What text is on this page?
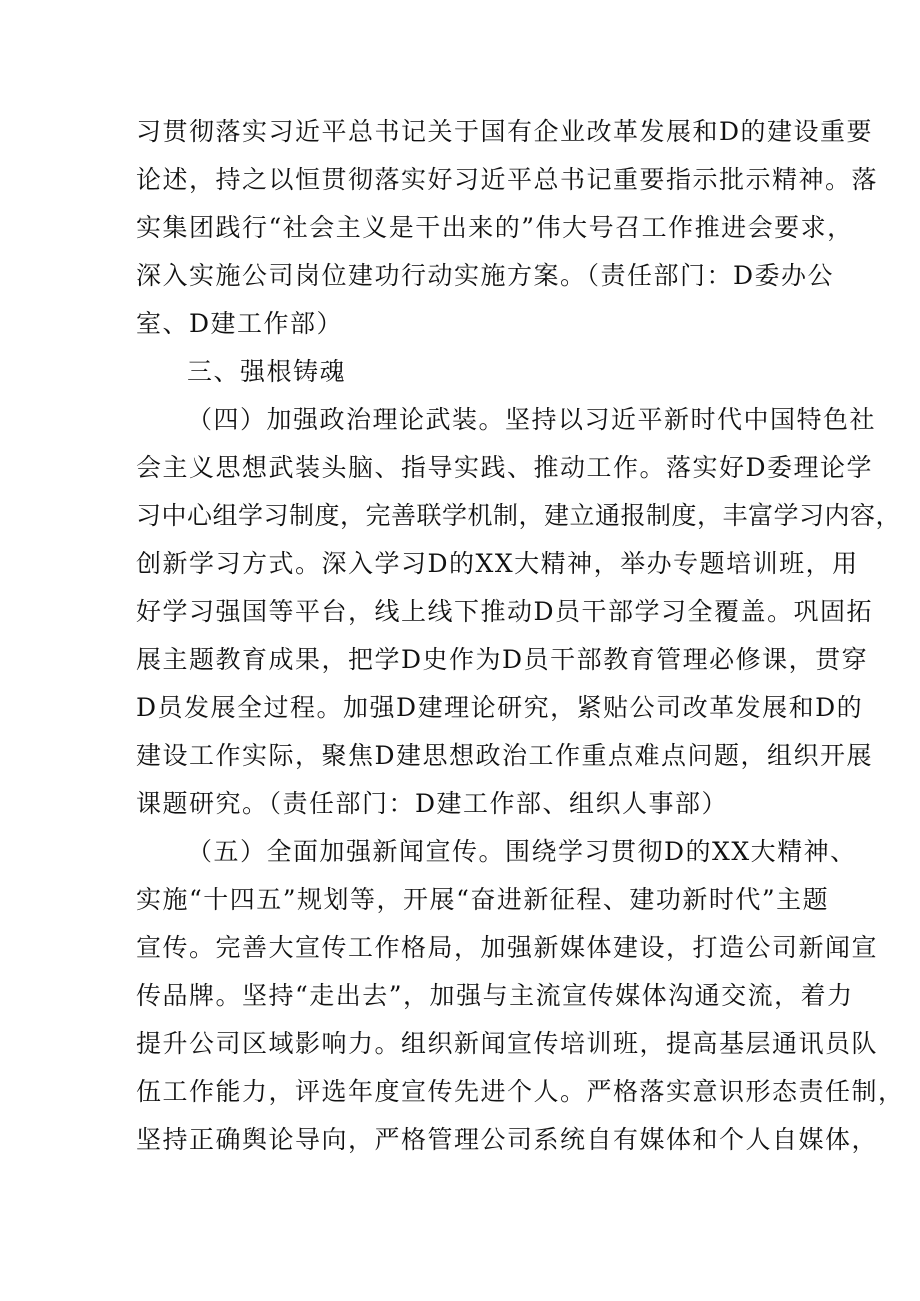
习贯彻落实习近平总书记关于国有企业改革发展和D的建设重要
论述，持之以恒贯彻落实好习近平总书记重要指示批示精神。落
实集团践行“社会主义是干出来的”伟大号召工作推进会要求，
深入实施公司岗位建功行动实施方案。（责任部门：D委办公
室、D建工作部）
三、强根铸魂
（四）加强政治理论武装。坚持以习近平新时代中国特色社
会主义思想武装头脑、指导实践、推动工作。落实好D委理论学
习中心组学习制度，完善联学机制，建立通报制度，丰富学习内容，
创新学习方式。深入学习D的XX大精神，举办专题培训班，用
好学习强国等平台，线上线下推动D员干部学习全覆盖。巩固拓
展主题教育成果，把学D史作为D员干部教育管理必修课，贯穿
D员发展全过程。加强D建理论研究，紧贴公司改革发展和D的
建设工作实际，聚焦D建思想政治工作重点难点问题，组织开展
课题研究。（责任部门：D建工作部、组织人事部）
（五）全面加强新闻宣传。围绕学习贯彻D的XX大精神、
实施“十四五”规划等，开展“奋进新征程、建功新时代”主题
宣传。完善大宣传工作格局，加强新媒体建设，打造公司新闻宣
传品牌。坚持“走出去”，加强与主流宣传媒体沟通交流，着力
提升公司区域影响力。组织新闻宣传培训班，提高基层通讯员队
伍工作能力，评选年度宣传先进个人。严格落实意识形态责任制，
坚持正确舆论导向，严格管理公司系统自有媒体和个人自媒体，
